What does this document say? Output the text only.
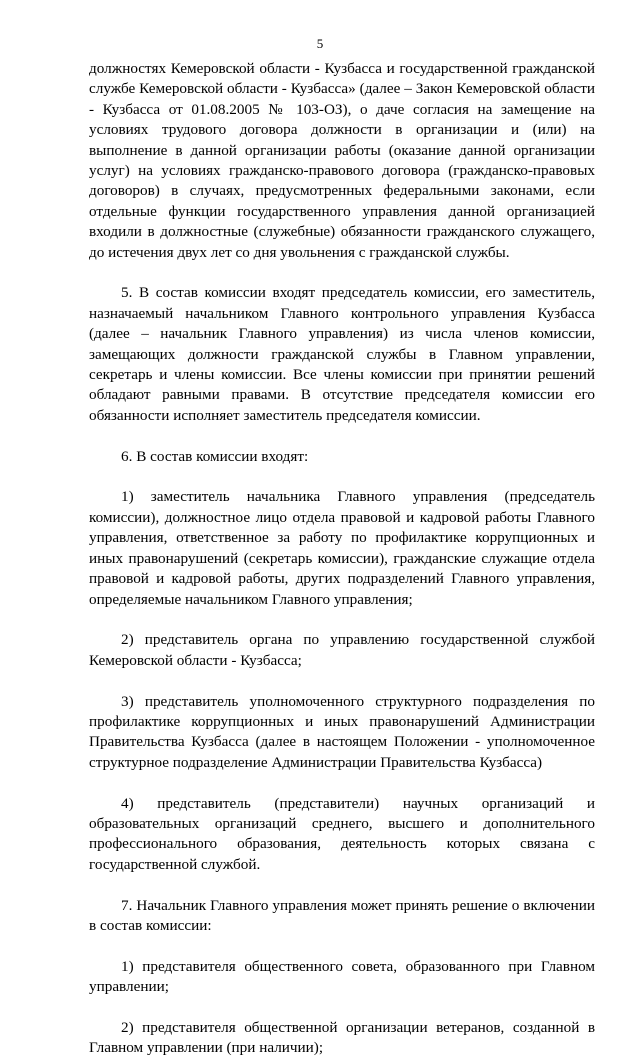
5

должностях Кемеровской области - Кузбасса и государственной гражданской службе Кемеровской области - Кузбасса» (далее – Закон Кемеровской области - Кузбасса от 01.08.2005 № 103-ОЗ), о даче согласия на замещение на условиях трудового договора должности в организации и (или) на выполнение в данной организации работы (оказание данной организации услуг) на условиях гражданско-правового договора (гражданско-правовых договоров) в случаях, предусмотренных федеральными законами, если отдельные функции государственного управления данной организацией входили в должностные (служебные) обязанности гражданского служащего, до истечения двух лет со дня увольнения с гражданской службы.

5. В состав комиссии входят председатель комиссии, его заместитель, назначаемый начальником Главного контрольного управления Кузбасса (далее – начальник Главного управления) из числа членов комиссии, замещающих должности гражданской службы в Главном управлении, секретарь и члены комиссии. Все члены комиссии при принятии решений обладают равными правами. В отсутствие председателя комиссии его обязанности исполняет заместитель председателя комиссии.

6. В состав комиссии входят:

1) заместитель начальника Главного управления (председатель комиссии), должностное лицо отдела правовой и кадровой работы Главного управления, ответственное за работу по профилактике коррупционных и иных правонарушений (секретарь комиссии), гражданские служащие отдела правовой и кадровой работы, других подразделений Главного управления, определяемые начальником Главного управления;

2) представитель органа по управлению государственной службой Кемеровской области - Кузбасса;

3) представитель уполномоченного структурного подразделения по профилактике коррупционных и иных правонарушений Администрации Правительства Кузбасса (далее в настоящем Положении - уполномоченное структурное подразделение Администрации Правительства Кузбасса)

4) представитель (представители) научных организаций и образовательных организаций среднего, высшего и дополнительного профессионального образования, деятельность которых связана с государственной службой.

7. Начальник Главного управления может принять решение о включении в состав комиссии:

1) представителя общественного совета, образованного при Главном управлении;

2) представителя общественной организации ветеранов, созданной в Главном управлении (при наличии);
